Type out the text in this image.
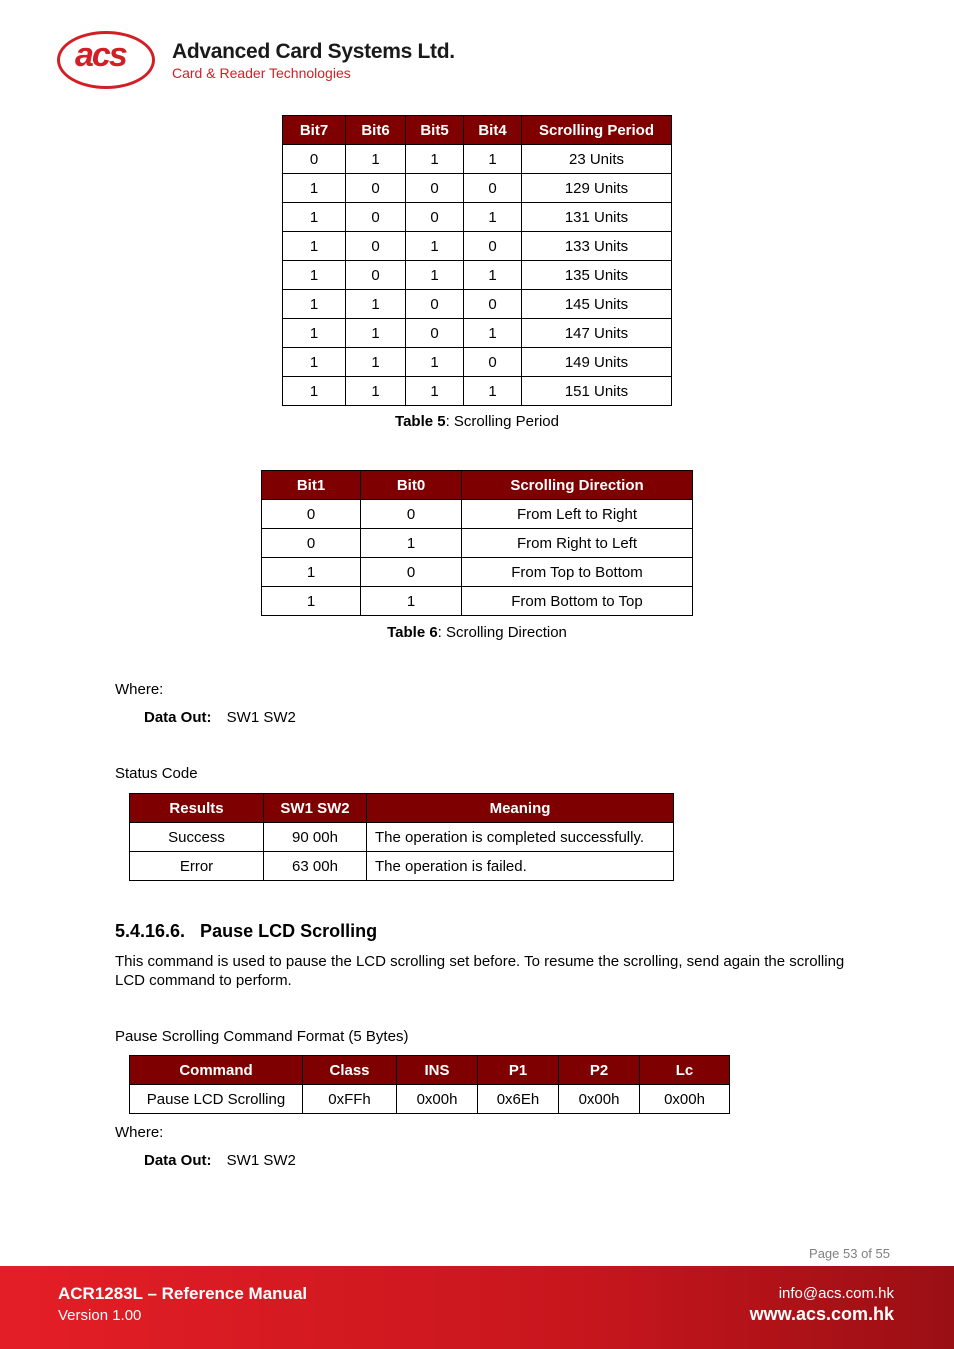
acs Advanced Card Systems Ltd.
Card & Reader Technologies
Bit7	Bit6	Bit5	Bit4	Scrolling Period
0	1	1	1	23 Units
1	0	0	0	129 Units
1	0	0	1	131 Units
1	0	1	0	133 Units
1	0	1	1	135 Units
1	1	0	0	145 Units
1	1	0	1	147 Units
1	1	1	0	149 Units
1	1	1	1	151 Units
Table 5: Scrolling Period
Bit1	Bit0	Scrolling Direction
0	0	From Left to Right
0	1	From Right to Left
1	0	From Top to Bottom
1	1	From Bottom to Top
Table 6: Scrolling Direction
Where:
Data Out: SW1 SW2
Status Code
Results	SW1 SW2	Meaning
Success	90 00h	The operation is completed successfully.
Error	63 00h	The operation is failed.
5.4.16.6.   Pause LCD Scrolling
This command is used to pause the LCD scrolling set before. To resume the scrolling, send again the scrolling LCD command to perform.
Pause Scrolling Command Format (5 Bytes)
Command	Class	INS	P1	P2	Lc
Pause LCD Scrolling	0xFFh	0x00h	0x6Eh	0x00h	0x00h
Where:
Data Out: SW1 SW2
Page 53 of 55
ACR1283L – Reference Manual
Version 1.00
info@acs.com.hk
www.acs.com.hk
